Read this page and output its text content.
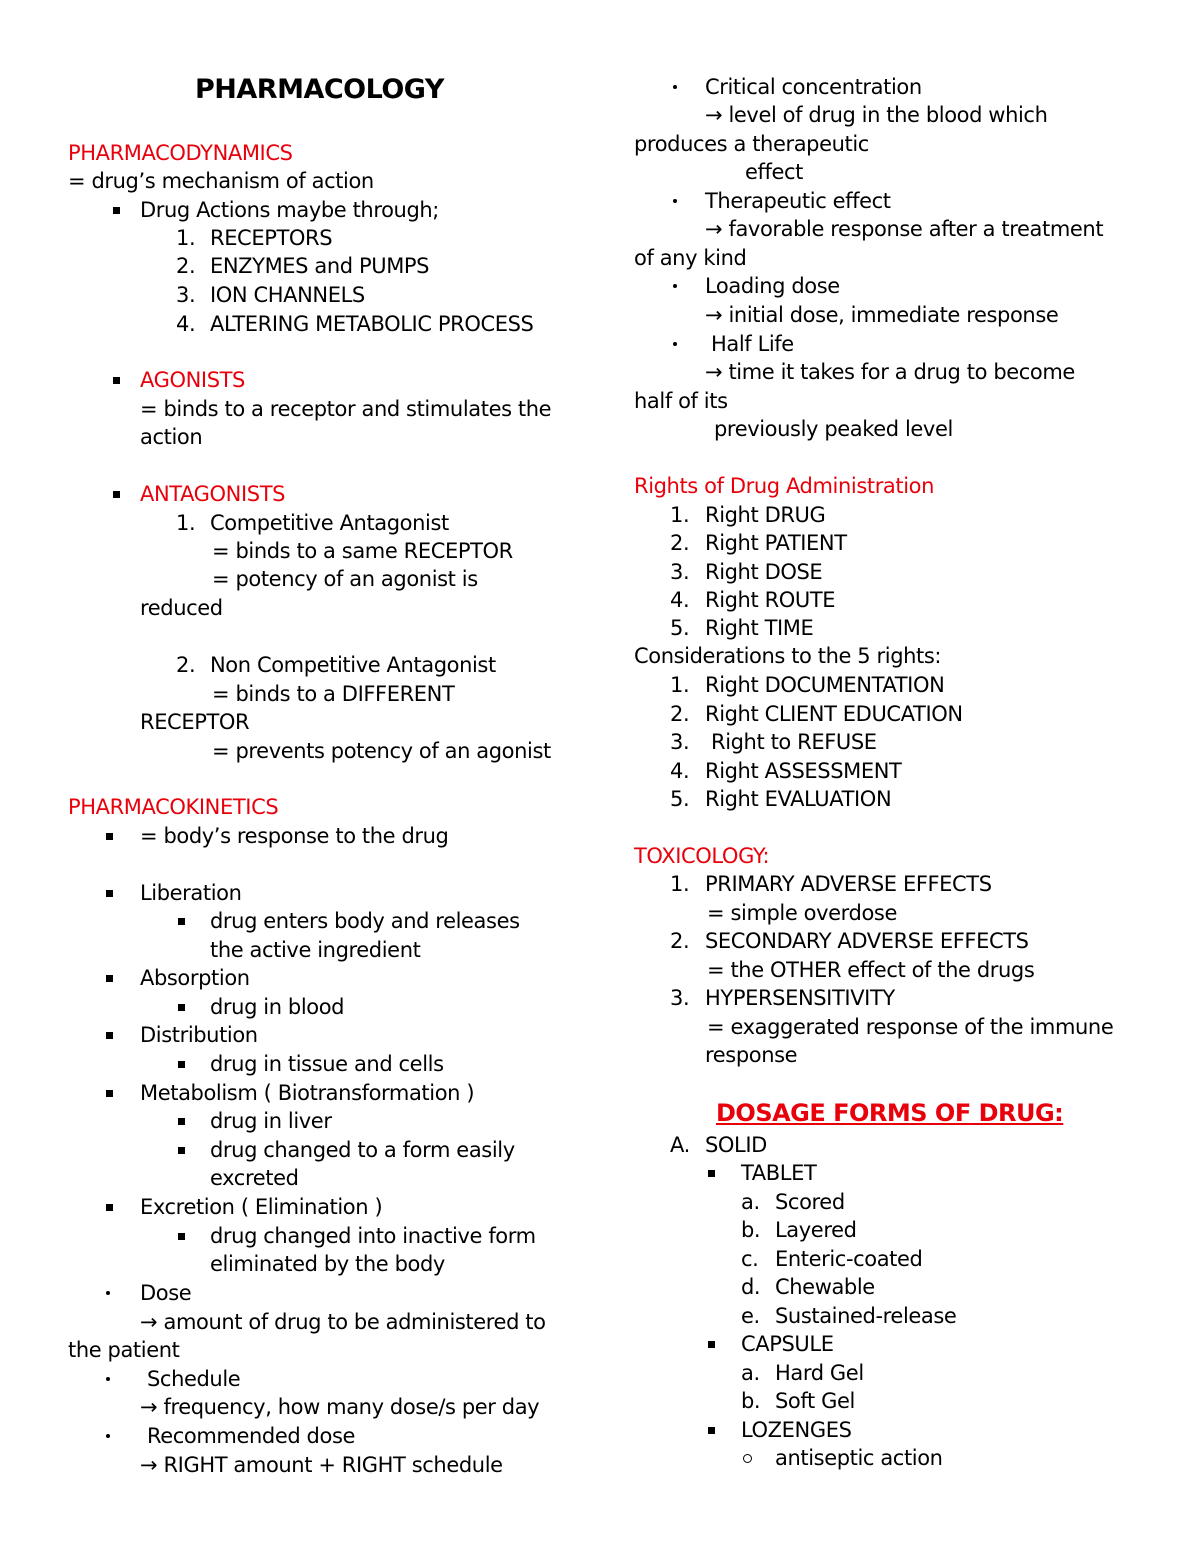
PHARMACOLOGY
PHARMACODYNAMICS
= drug’s mechanism of action
Drug Actions maybe through;
1. RECEPTORS
2. ENZYMES and PUMPS
3. ION CHANNELS
4. ALTERING METABOLIC PROCESS
AGONISTS
= binds to a receptor and stimulates the
action
ANTAGONISTS
1. Competitive Antagonist
= binds to a same RECEPTOR
= potency of an agonist is
reduced
2. Non Competitive Antagonist
= binds to a DIFFERENT
RECEPTOR
= prevents potency of an agonist
PHARMACOKINETICS
= body’s response to the drug
Liberation
drug enters body and releases
the active ingredient
Absorption
drug in blood
Distribution
drug in tissue and cells
Metabolism ( Biotransformation )
drug in liver
drug changed to a form easily
excreted
Excretion ( Elimination )
drug changed into inactive form
eliminated by the body
Dose
→ amount of drug to be administered to
the patient
Schedule
→ frequency, how many dose/s per day
Recommended dose
→ RIGHT amount + RIGHT schedule
Critical concentration
→ level of drug in the blood which
produces a therapeutic
effect
Therapeutic effect
→ favorable response after a treatment
of any kind
Loading dose
→ initial dose, immediate response
Half Life
→ time it takes for a drug to become
half of its
previously peaked level
Rights of Drug Administration
1. Right DRUG
2. Right PATIENT
3. Right DOSE
4. Right ROUTE
5. Right TIME
Considerations to the 5 rights:
1. Right DOCUMENTATION
2. Right CLIENT EDUCATION
3. Right to REFUSE
4. Right ASSESSMENT
5. Right EVALUATION
TOXICOLOGY:
1. PRIMARY ADVERSE EFFECTS
= simple overdose
2. SECONDARY ADVERSE EFFECTS
= the OTHER effect of the drugs
3. HYPERSENSITIVITY
= exaggerated response of the immune
response
DOSAGE FORMS OF DRUG:
A. SOLID
TABLET
a. Scored
b. Layered
c. Enteric-coated
d. Chewable
e. Sustained-release
CAPSULE
a. Hard Gel
b. Soft Gel
LOZENGES
antiseptic action
